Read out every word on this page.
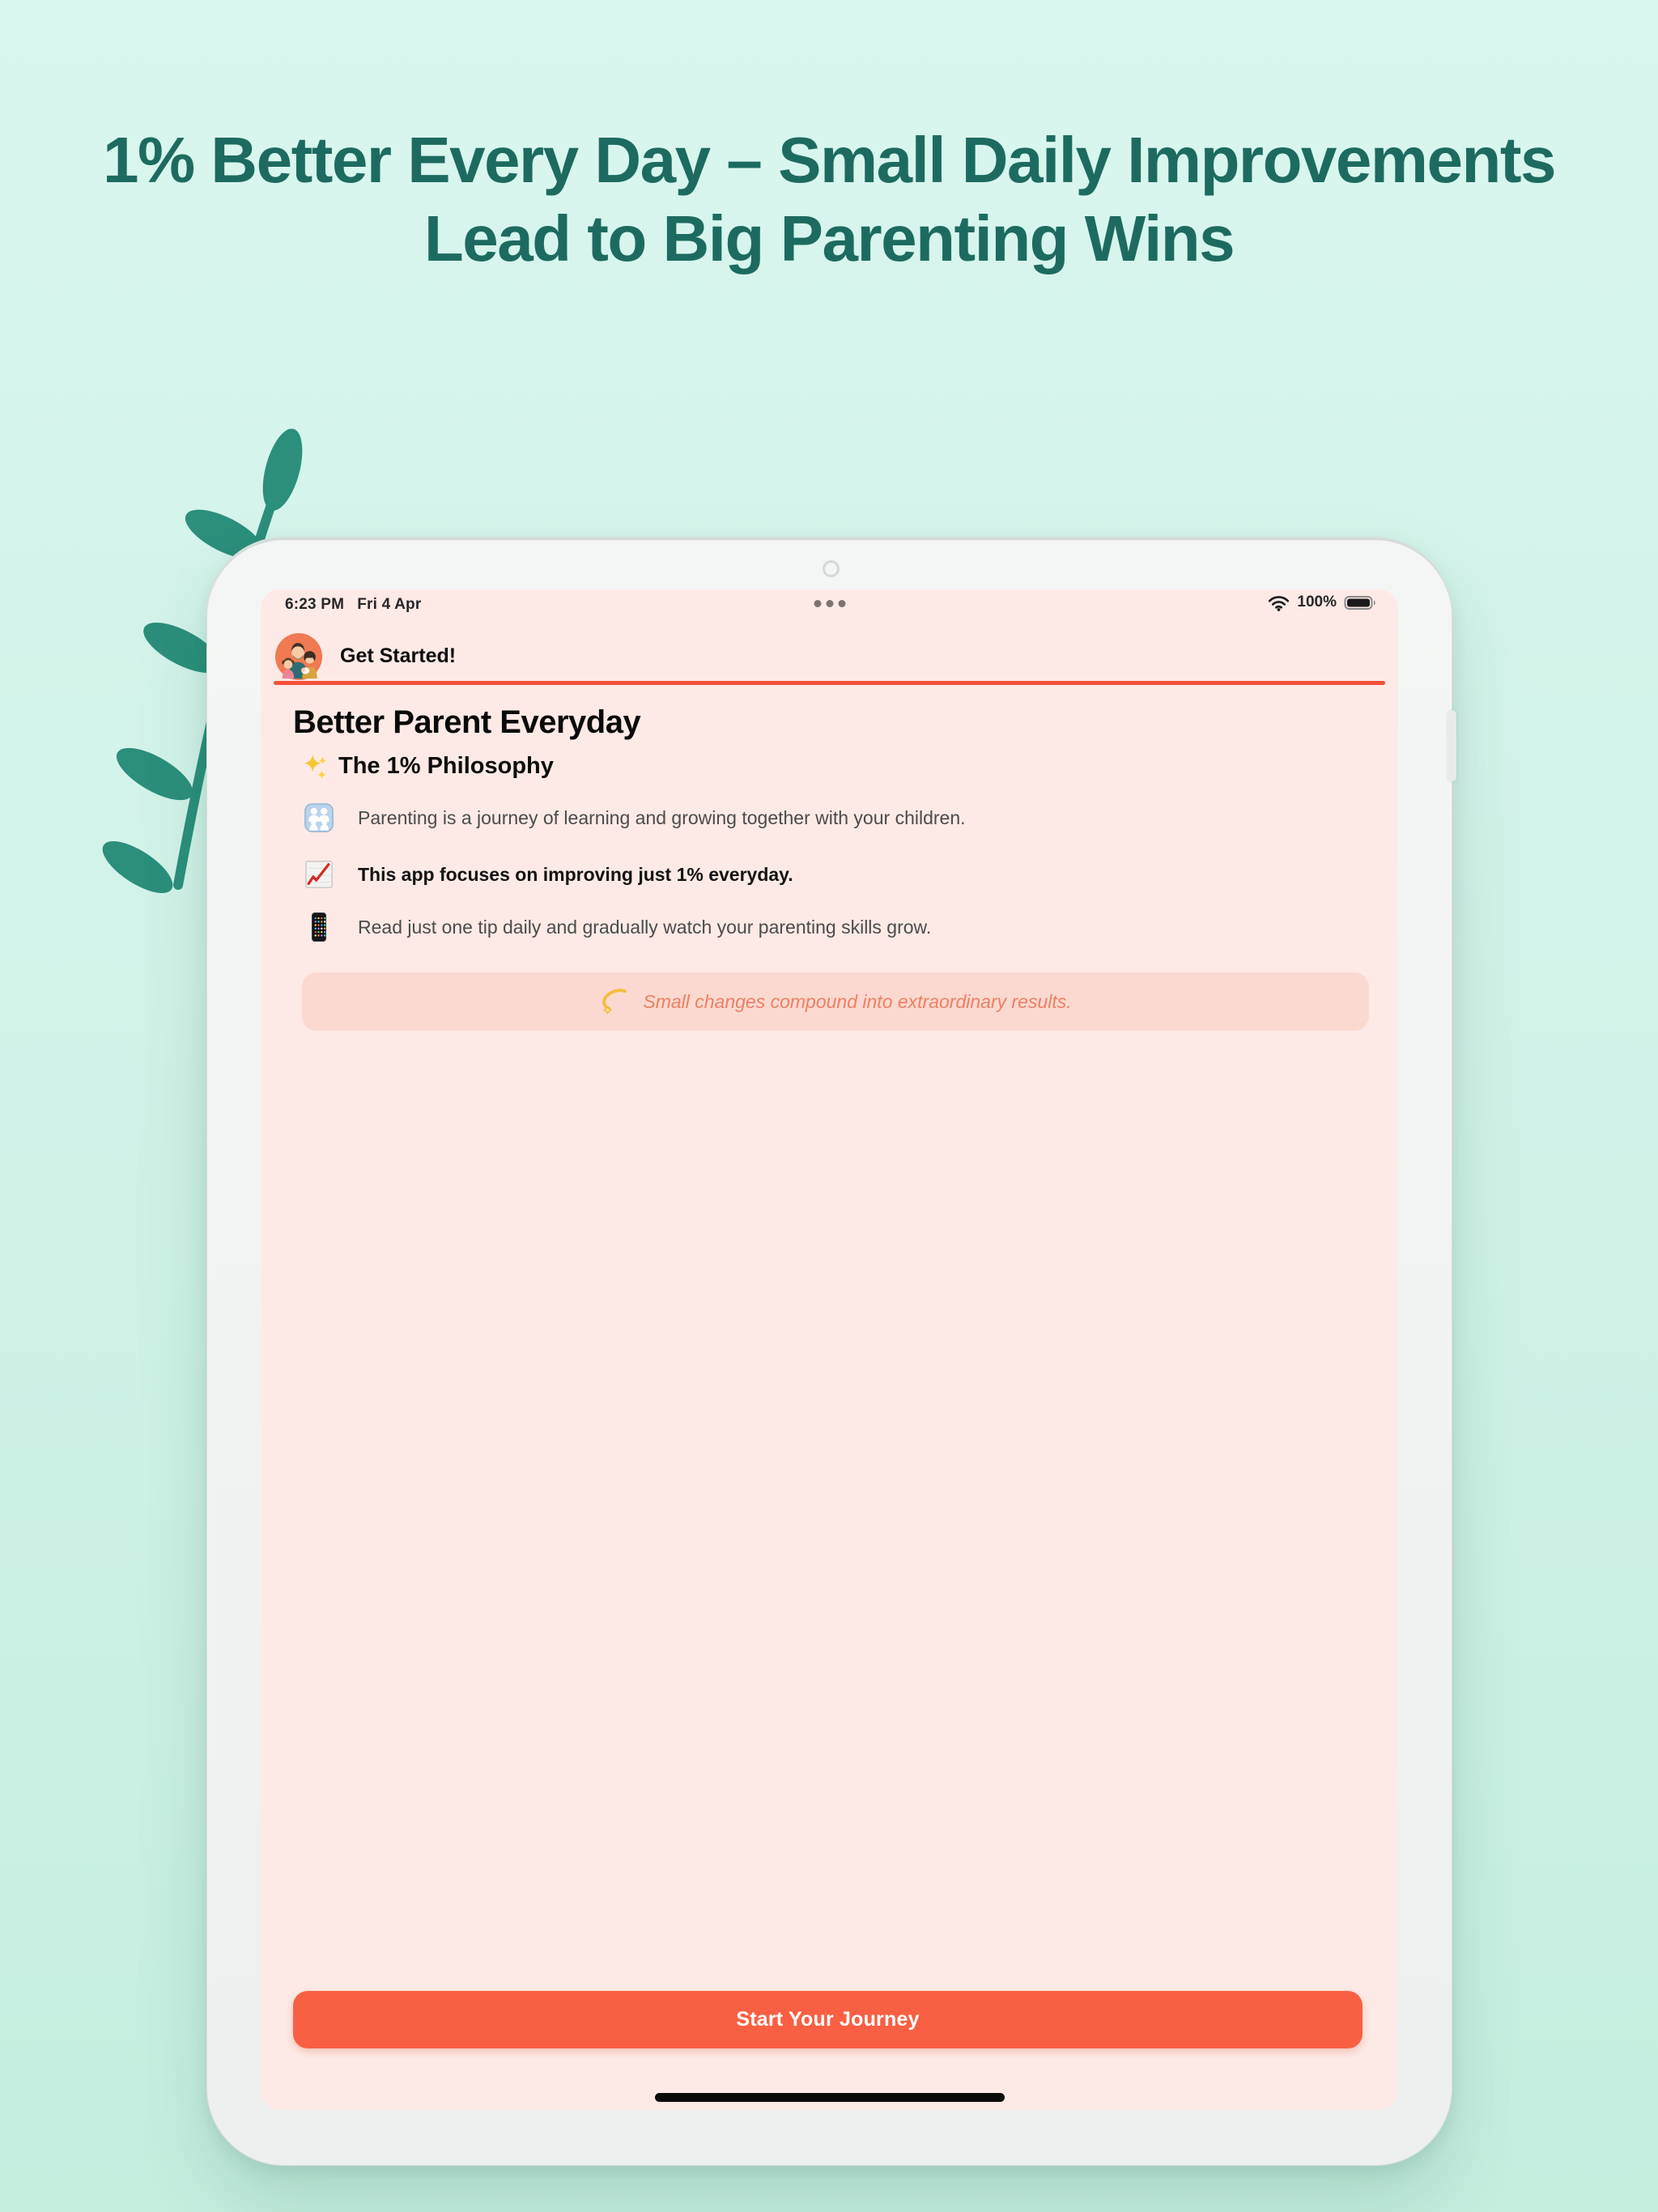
1% Better Every Day – Small Daily Improvements Lead to Big Parenting Wins
6:23 PM Fri 4 Apr	100%
Get Started!
Better Parent Everyday
The 1% Philosophy
Parenting is a journey of learning and growing together with your children.
This app focuses on improving just 1% everyday.
Read just one tip daily and gradually watch your parenting skills grow.
Small changes compound into extraordinary results.
Start Your Journey
